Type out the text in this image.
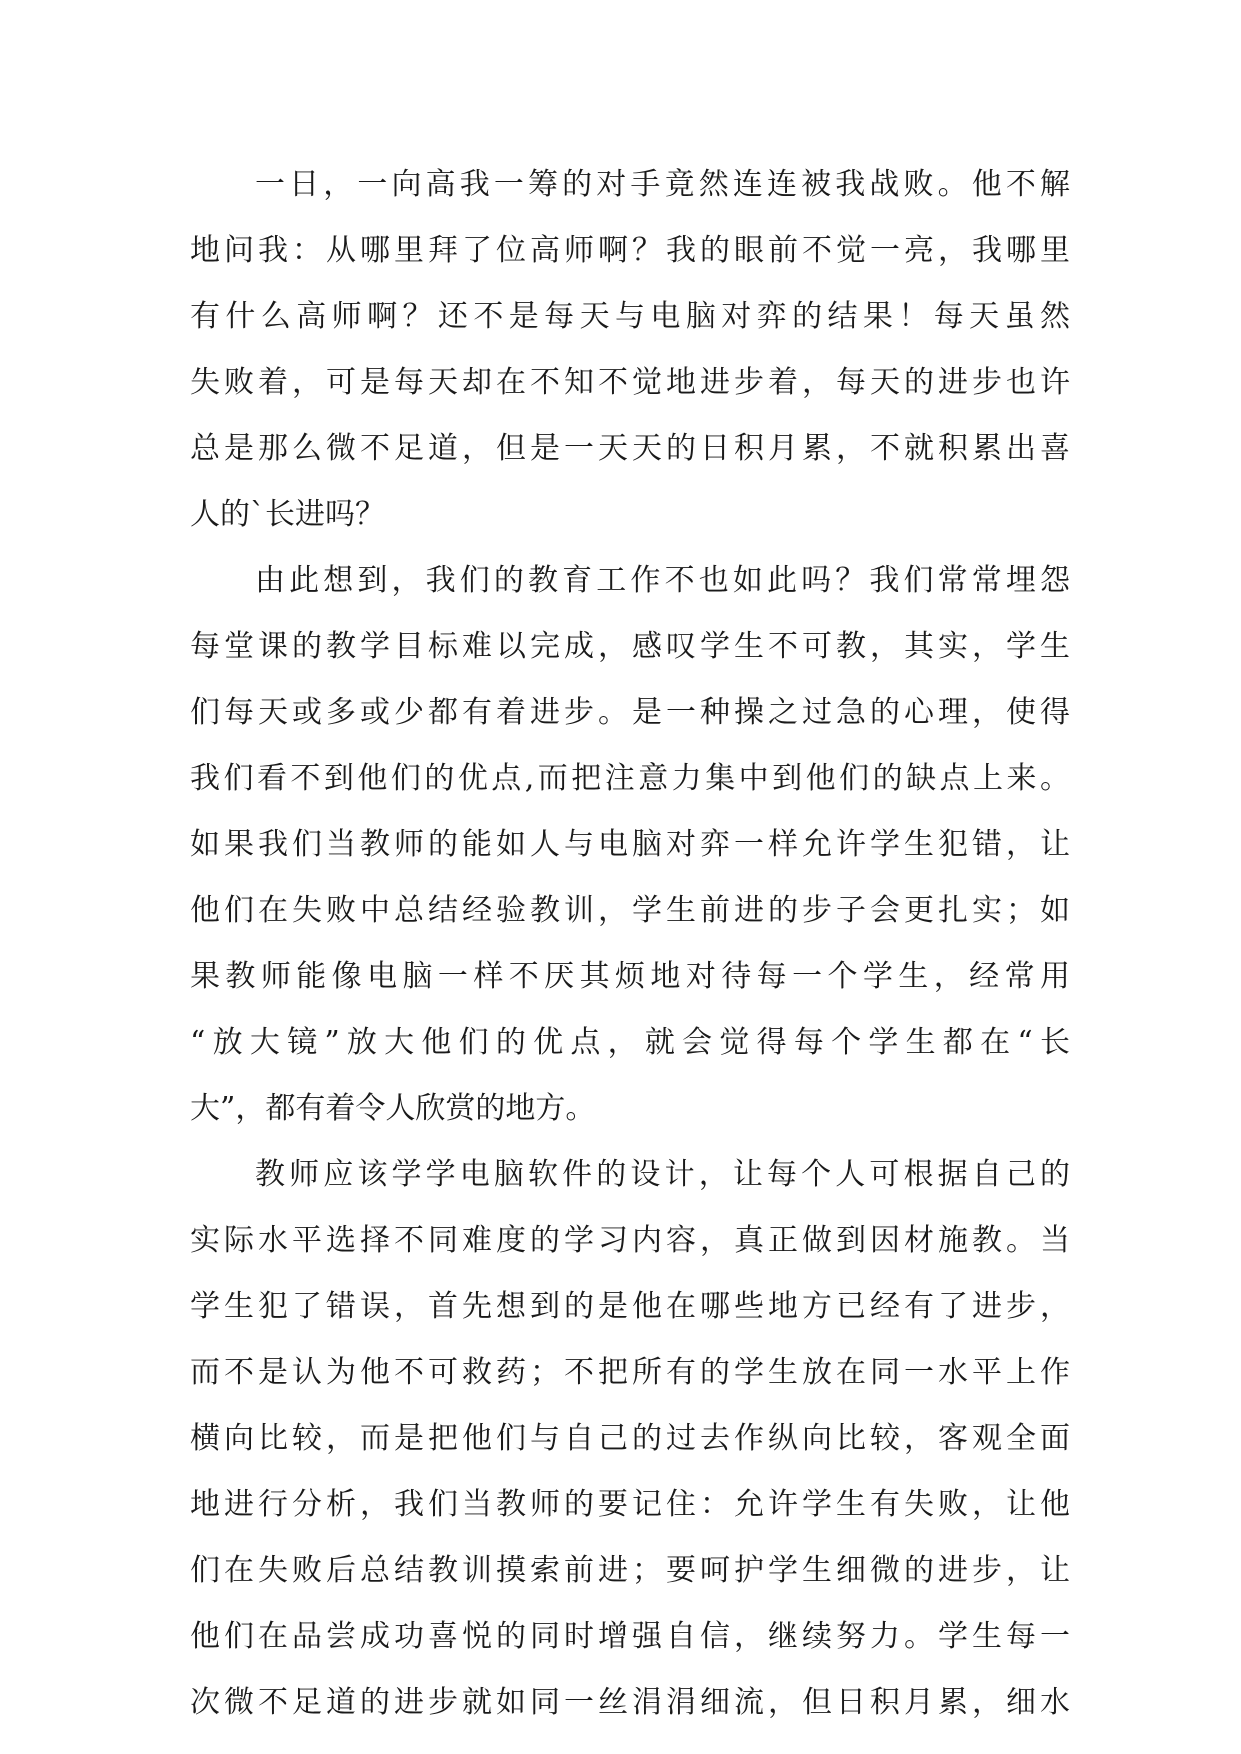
一日，一向高我一筹的对手竟然连连被我战败。他不解
地问我：从哪里拜了位高师啊？我的眼前不觉一亮，我哪里
有什么高师啊？还不是每天与电脑对弈的结果！每天虽然
失败着，可是每天却在不知不觉地进步着，每天的进步也许
总是那么微不足道，但是一天天的日积月累，不就积累出喜
人的`长进吗？
由此想到，我们的教育工作不也如此吗？我们常常埋怨
每堂课的教学目标难以完成，感叹学生不可教，其实，学生
们每天或多或少都有着进步。是一种操之过急的心理，使得
我们看不到他们的优点,而把注意力集中到他们的缺点上来。
如果我们当教师的能如人与电脑对弈一样允许学生犯错，让
他们在失败中总结经验教训，学生前进的步子会更扎实；如
果教师能像电脑一样不厌其烦地对待每一个学生，经常用
“放大镜”放大他们的优点，就会觉得每个学生都在“长
大”，都有着令人欣赏的地方。
教师应该学学电脑软件的设计，让每个人可根据自己的
实际水平选择不同难度的学习内容，真正做到因材施教。当
学生犯了错误，首先想到的是他在哪些地方已经有了进步，
而不是认为他不可救药；不把所有的学生放在同一水平上作
横向比较，而是把他们与自己的过去作纵向比较，客观全面
地进行分析，我们当教师的要记住：允许学生有失败，让他
们在失败后总结教训摸索前进；要呵护学生细微的进步，让
他们在品尝成功喜悦的同时增强自信，继续努力。学生每一
次微不足道的进步就如同一丝涓涓细流，但日积月累，细水
